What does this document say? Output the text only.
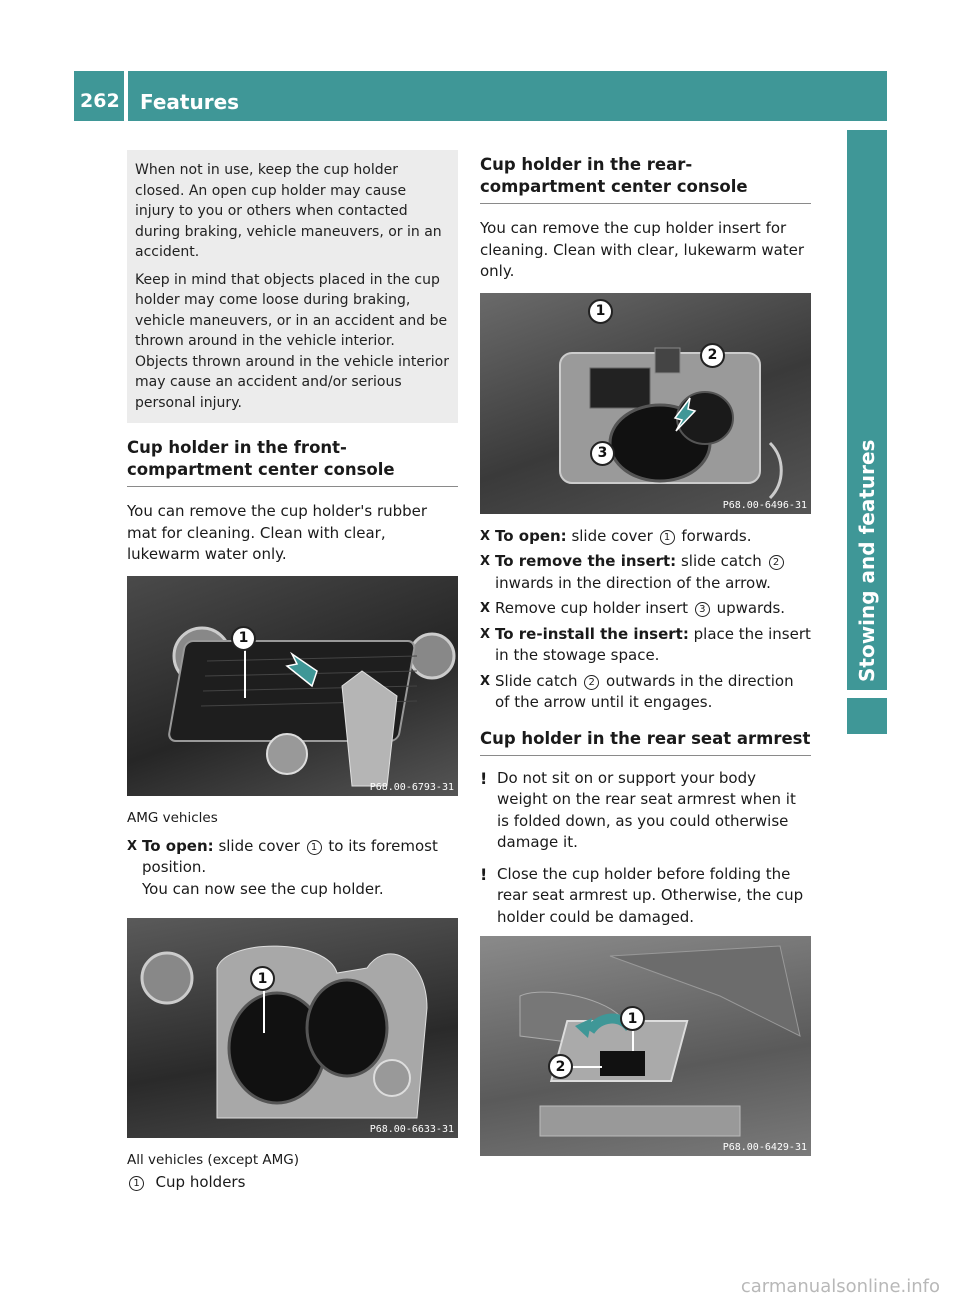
262 Features
Stowing and features

When not in use, keep the cup holder closed. An open cup holder may cause injury to you or others when contacted during braking, vehicle maneuvers, or in an accident.

Keep in mind that objects placed in the cup holder may come loose during braking, vehicle maneuvers, or in an accident and be thrown around in the vehicle interior. Objects thrown around in the vehicle interior may cause an accident and/or serious personal injury.

Cup holder in the front-compartment center console

You can remove the cup holder's rubber mat for cleaning. Clean with clear, lukewarm water only.

1
P68.00-6793-31

AMG vehicles

X To open: slide cover 1 to its foremost position.
You can now see the cup holder.
1
P68.00-6633-31

All vehicles (except AMG)

1 Cup holders

Cup holder in the rear-compartment center console

You can remove the cup holder insert for cleaning. Clean with clear, lukewarm water only.

1
2
3
P68.00-6496-31
X To open: slide cover 1 forwards.
X To remove the insert: slide catch 2 inwards in the direction of the arrow.
X Remove cup holder insert 3 upwards.
X To re-install the insert: place the insert in the stowage space.
X Slide catch 2 outwards in the direction of the arrow until it engages.
Cup holder in the rear seat armrest

! Do not sit on or support your body weight on the rear seat armrest when it is folded down, as you could otherwise damage it.

! Close the cup holder before folding the rear seat armrest up. Otherwise, the cup holder could be damaged.

1
2
P68.00-6429-31
carmanualsonline.info
